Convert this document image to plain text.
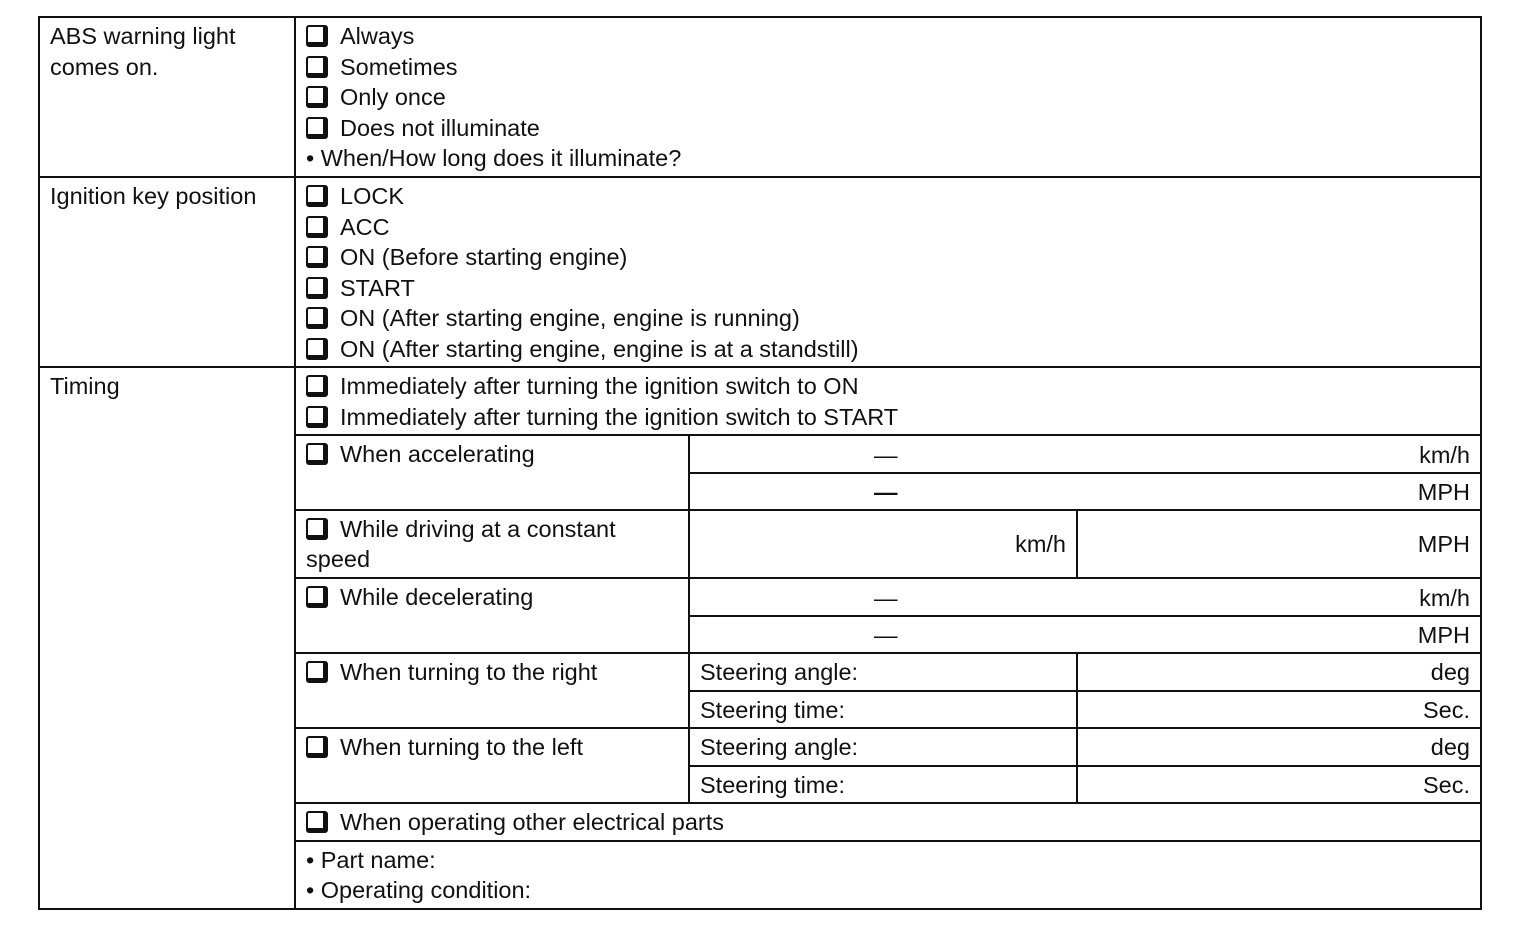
ABS warning light comes on.
Always
Sometimes
Only once
Does not illuminate
• When/How long does it illuminate?
Ignition key position	LOCK
ACC
ON (Before starting engine)
START
ON (After starting engine, engine is running)
ON (After starting engine, engine is at a standstill)
Timing	Immediately after turning the ignition switch to ON
Immediately after turning the ignition switch to START
When accelerating	—	km/h
—	MPH
While driving at a constant
speed
km/h	MPH
While decelerating	—	km/h
—	MPH
When turning to the right	Steering angle:	deg
Steering time:	Sec.
When turning to the left	Steering angle:	deg
Steering time:	Sec.
When operating other electrical parts
• Part name:
• Operating condition:
